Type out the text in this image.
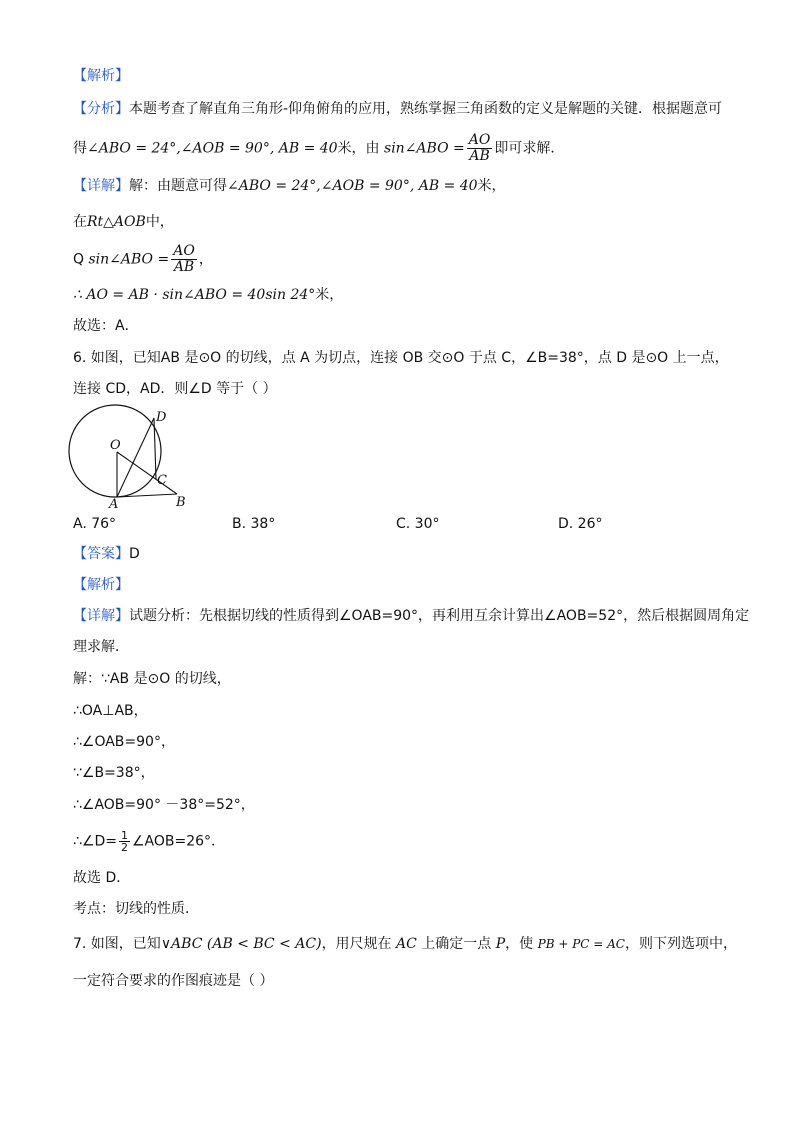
【解析】
【分析】本题考查了解直角三角形-仰角俯角的应用，熟练掌握三角函数的定义是解题的关键．根据题意可
得∠ABO = 24°,∠AOB = 90°, AB = 40米，由 sin∠ABO = $\frac{AO}{AB}$ 即可求解．
【详解】解：由题意可得∠ABO = 24°,∠AOB = 90°, AB = 40米，
在Rt△AOB中，
Q sin∠ABO = $\frac{AO}{AB}$ ，
∴ AO = AB · sin∠ABO = 40sin 24°米，
故选：A．
6. 如图，已知AB 是⊙O 的切线，点 A 为切点，连接 OB 交⊙O 于点 C，∠B=38°，点 D 是⊙O 上一点，
连接 CD，AD．则∠D 等于（ ）
O
D
C
A	B
A. 76°	B. 38°	C. 30°	D. 26°
【答案】D
【解析】
【详解】试题分析：先根据切线的性质得到∠OAB=90°，再利用互余计算出∠AOB=52°，然后根据圆周角定
理求解．
解：∵AB 是⊙O 的切线，
∴OA⊥AB，
∴∠OAB=90°，
∵∠B=38°，
∴∠AOB=90° －38°=52°，
∴∠D= $\frac{1}{2}$ ∠AOB=26°．
故选 D．
考点：切线的性质．
7. 如图，已知∨ABC (AB < BC < AC)，用尺规在 AC 上确定一点 P，使 PB + PC = AC，则下列选项中，
一定符合要求的作图痕迹是（ ）
